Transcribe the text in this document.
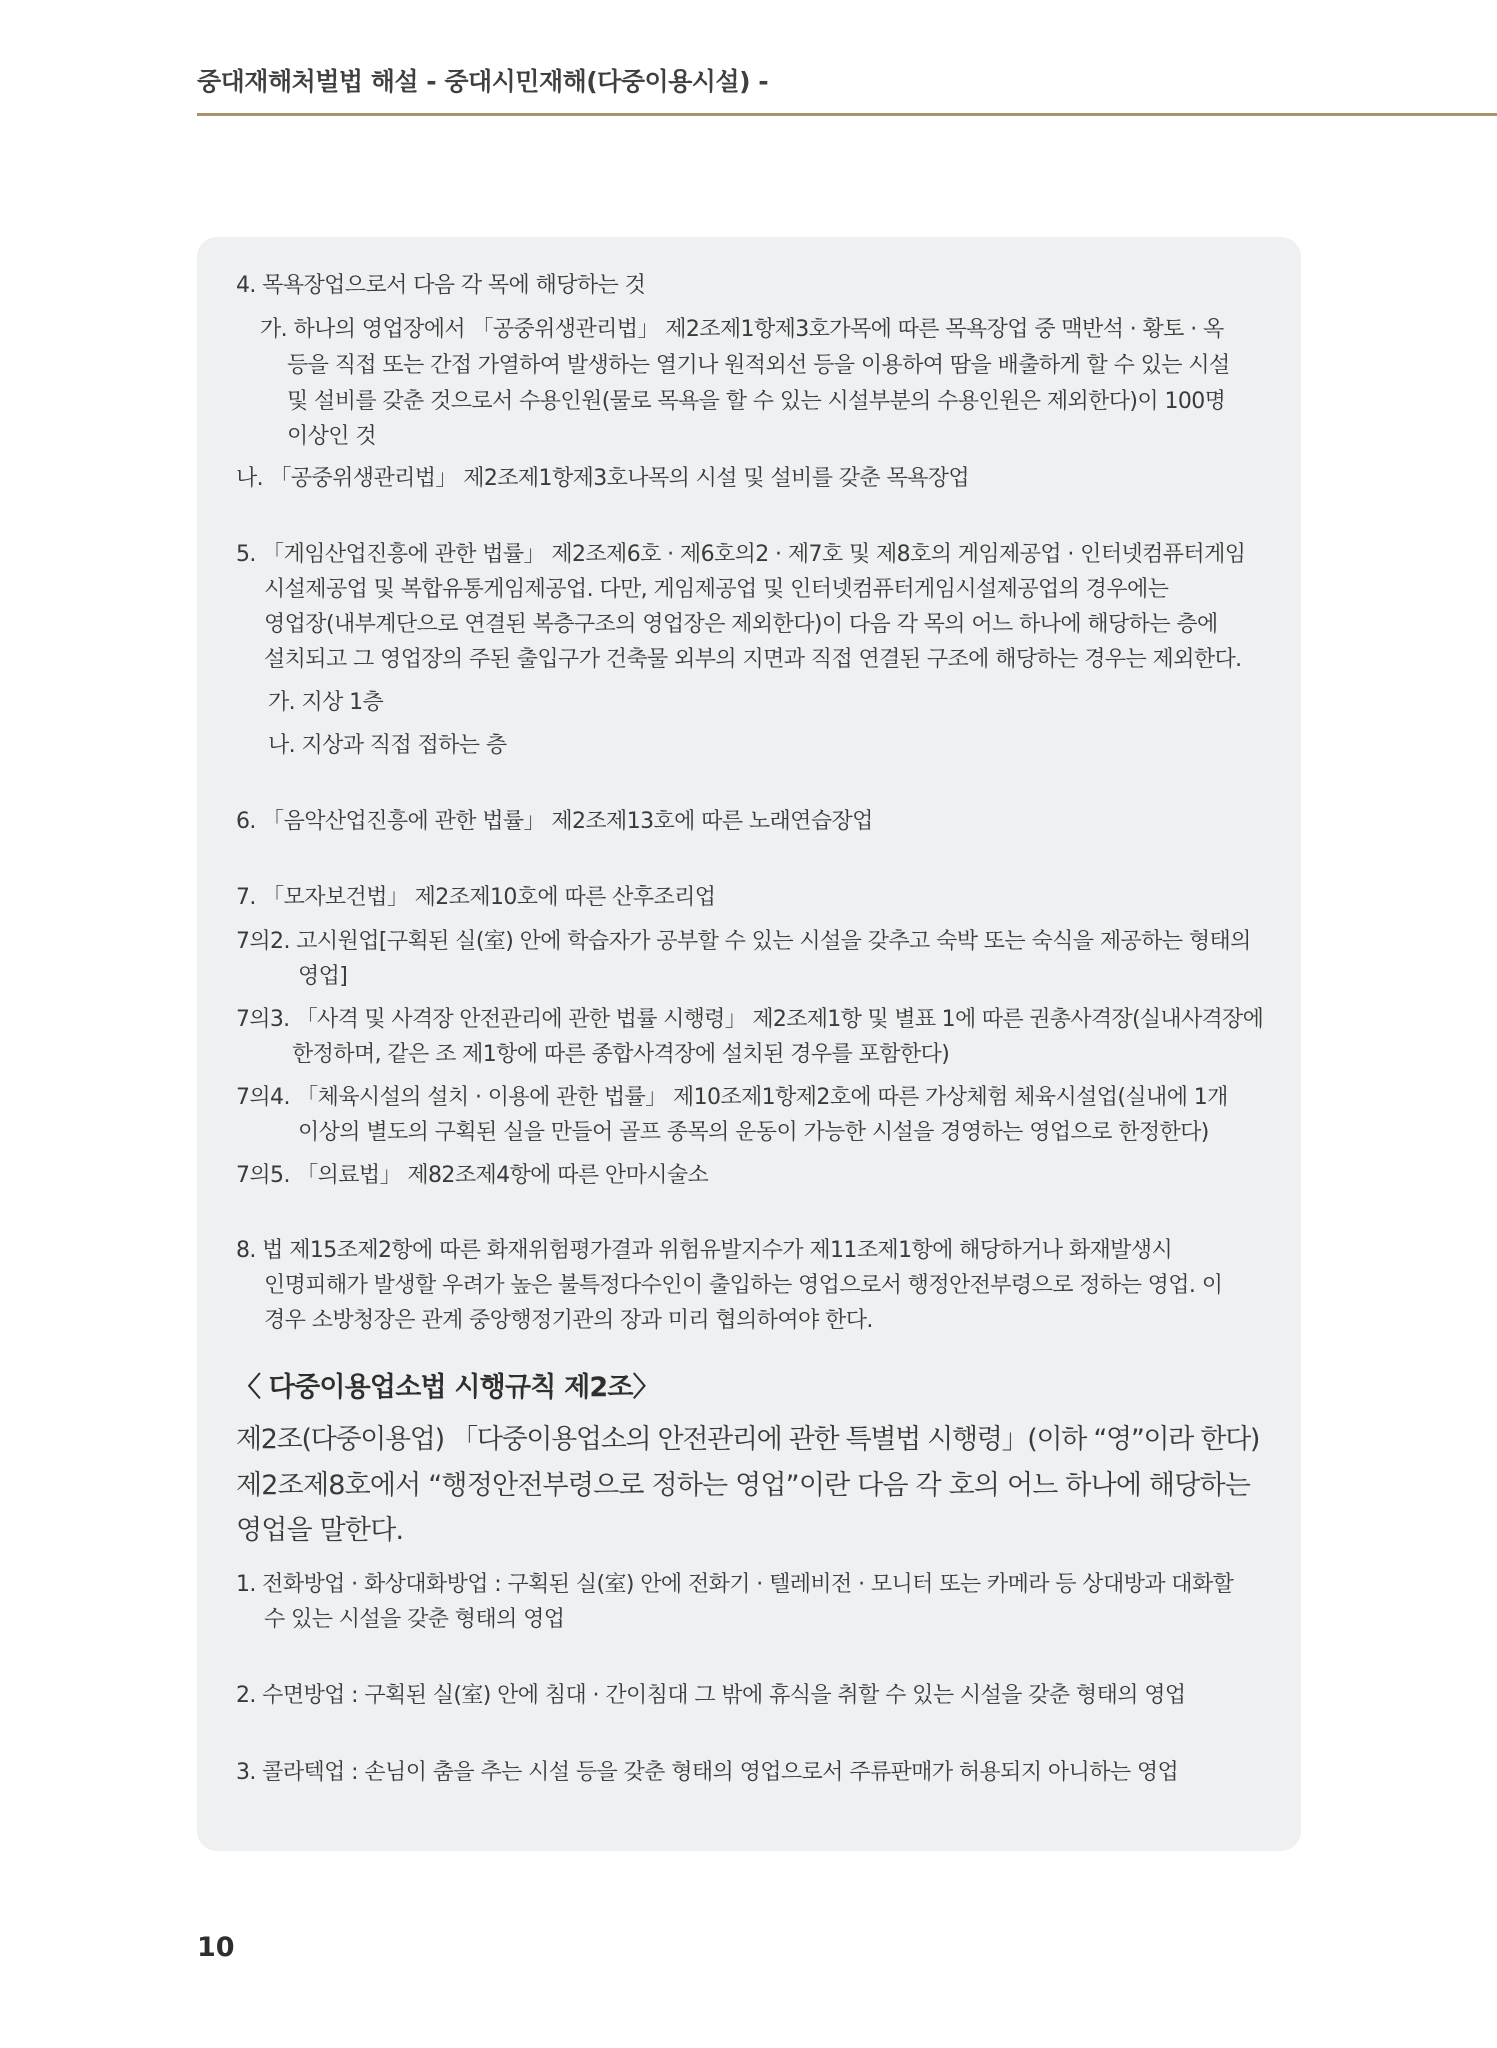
중대재해처벌법 해설 - 중대시민재해(다중이용시설) -
4. 목욕장업으로서 다음 각 목에 해당하는 것
가. 하나의 영업장에서 「공중위생관리법」 제2조제1항제3호가목에 따른 목욕장업 중 맥반석 · 황토 · 옥
등을 직접 또는 간접 가열하여 발생하는 열기나 원적외선 등을 이용하여 땀을 배출하게 할 수 있는 시설
및 설비를 갖춘 것으로서 수용인원(물로 목욕을 할 수 있는 시설부분의 수용인원은 제외한다)이 100명
이상인 것
나. 「공중위생관리법」 제2조제1항제3호나목의 시설 및 설비를 갖춘 목욕장업
5. 「게임산업진흥에 관한 법률」 제2조제6호 · 제6호의2 · 제7호 및 제8호의 게임제공업 · 인터넷컴퓨터게임
시설제공업 및 복합유통게임제공업. 다만, 게임제공업 및 인터넷컴퓨터게임시설제공업의 경우에는
영업장(내부계단으로 연결된 복층구조의 영업장은 제외한다)이 다음 각 목의 어느 하나에 해당하는 층에
설치되고 그 영업장의 주된 출입구가 건축물 외부의 지면과 직접 연결된 구조에 해당하는 경우는 제외한다.
가. 지상 1층
나. 지상과 직접 접하는 층
6. 「음악산업진흥에 관한 법률」 제2조제13호에 따른 노래연습장업
7. 「모자보건법」 제2조제10호에 따른 산후조리업
7의2. 고시원업[구획된 실(室) 안에 학습자가 공부할 수 있는 시설을 갖추고 숙박 또는 숙식을 제공하는 형태의
영업]
7의3. 「사격 및 사격장 안전관리에 관한 법률 시행령」 제2조제1항 및 별표 1에 따른 권총사격장(실내사격장에
한정하며, 같은 조 제1항에 따른 종합사격장에 설치된 경우를 포함한다)
7의4. 「체육시설의 설치 · 이용에 관한 법률」 제10조제1항제2호에 따른 가상체험 체육시설업(실내에 1개
이상의 별도의 구획된 실을 만들어 골프 종목의 운동이 가능한 시설을 경영하는 영업으로 한정한다)
7의5. 「의료법」 제82조제4항에 따른 안마시술소
8. 법 제15조제2항에 따른 화재위험평가결과 위험유발지수가 제11조제1항에 해당하거나 화재발생시
인명피해가 발생할 우려가 높은 불특정다수인이 출입하는 영업으로서 행정안전부령으로 정하는 영업. 이
경우 소방청장은 관계 중앙행정기관의 장과 미리 협의하여야 한다.
〈 다중이용업소법 시행규칙 제2조〉
제2조(다중이용업) 「다중이용업소의 안전관리에 관한 특별법 시행령」(이하 “영”이라 한다)
제2조제8호에서 “행정안전부령으로 정하는 영업”이란 다음 각 호의 어느 하나에 해당하는
영업을 말한다.
1. 전화방업 · 화상대화방업 : 구획된 실(室) 안에 전화기 · 텔레비전 · 모니터 또는 카메라 등 상대방과 대화할
수 있는 시설을 갖춘 형태의 영업
2. 수면방업 : 구획된 실(室) 안에 침대 · 간이침대 그 밖에 휴식을 취할 수 있는 시설을 갖춘 형태의 영업
3. 콜라텍업 : 손님이 춤을 추는 시설 등을 갖춘 형태의 영업으로서 주류판매가 허용되지 아니하는 영업
10
